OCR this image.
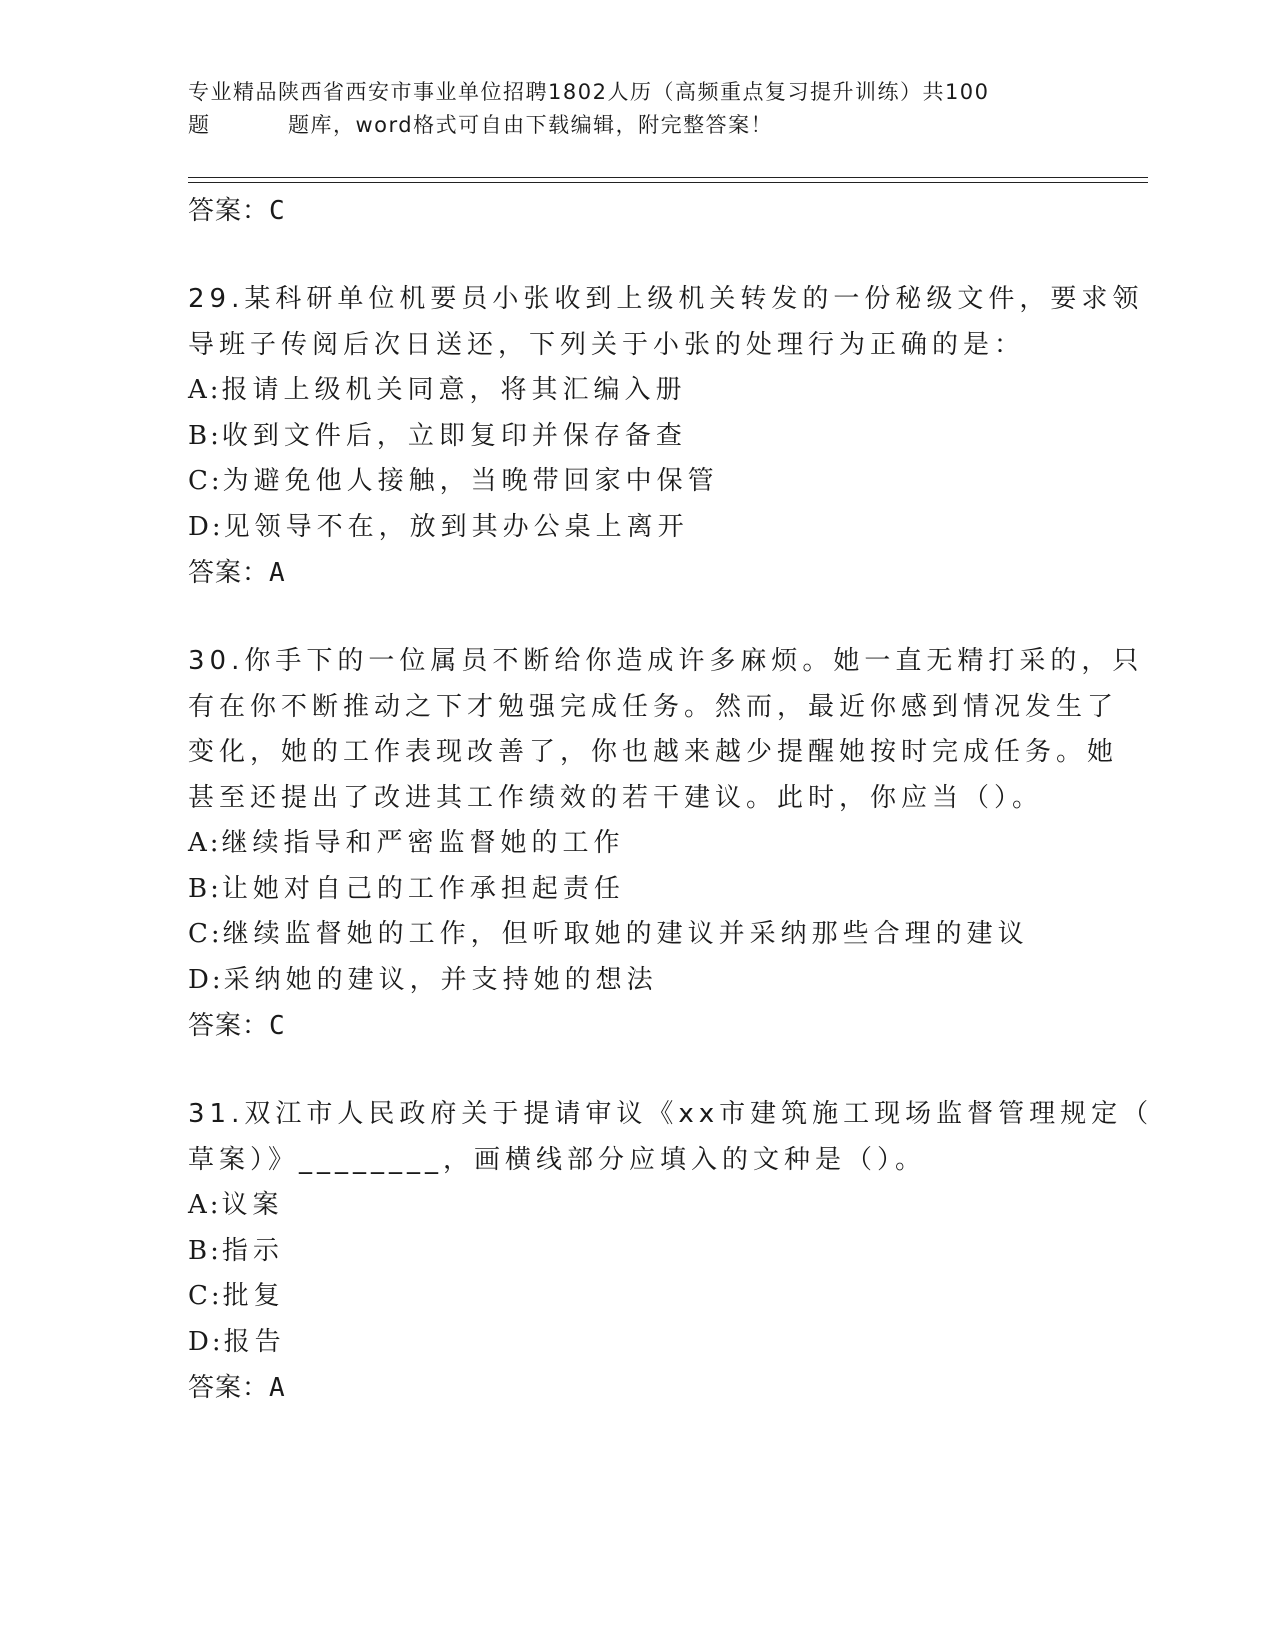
专业精品陕西省西安市事业单位招聘1802人历（高频重点复习提升训练）共100
题	题库，word格式可自由下载编辑，附完整答案！
答案：C
29.某科研单位机要员小张收到上级机关转发的一份秘级文件，要求领
导班子传阅后次日送还，下列关于小张的处理行为正确的是：
A:报请上级机关同意，将其汇编入册
B:收到文件后，立即复印并保存备查
C:为避免他人接触，当晚带回家中保管
D:见领导不在，放到其办公桌上离开
答案：A
30.你手下的一位属员不断给你造成许多麻烦。她一直无精打采的，只
有在你不断推动之下才勉强完成任务。然而，最近你感到情况发生了
变化，她的工作表现改善了，你也越来越少提醒她按时完成任务。她
甚至还提出了改进其工作绩效的若干建议。此时，你应当（）。
A:继续指导和严密监督她的工作
B:让她对自己的工作承担起责任
C:继续监督她的工作，但听取她的建议并采纳那些合理的建议
D:采纳她的建议，并支持她的想法
答案：C
31.双江市人民政府关于提请审议《xx市建筑施工现场监督管理规定（
草案）》________，画横线部分应填入的文种是（）。
A:议案
B:指示
C:批复
D:报告
答案：A
